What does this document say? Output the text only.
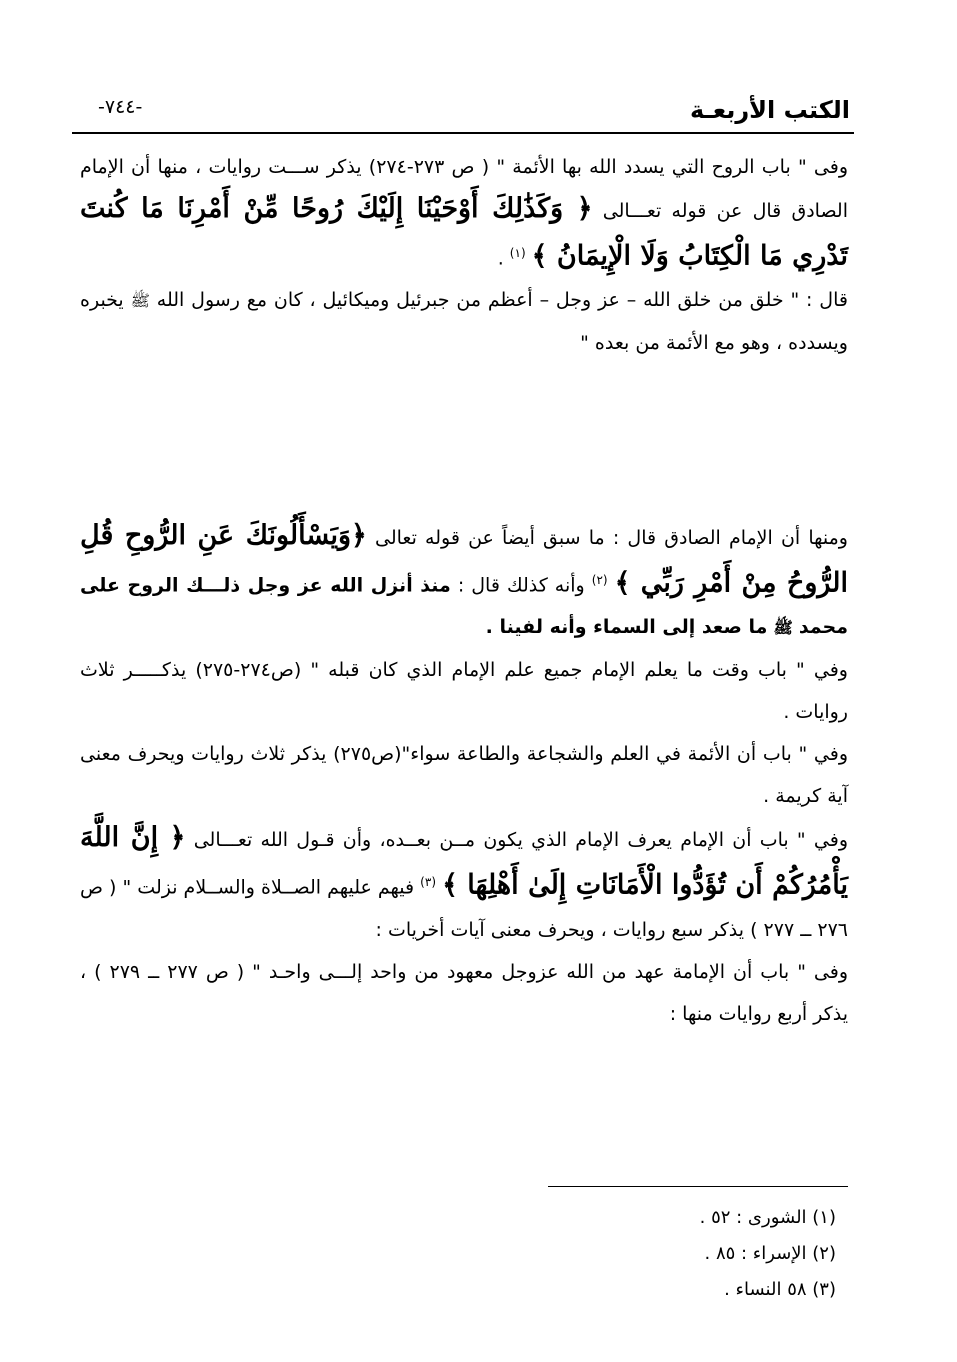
الكتب الأربعـة
-٧٤٤-

وفى " باب الروح التي يسدد الله بها الأئمة " ( ص ٢٧٣-٢٧٤) يذكر ســـت روايات ، منها أن الإمام الصادق قال عن قوله تعـــالى ﴿ وَكَذَٰلِكَ أَوْحَيْنَا إِلَيْكَ رُوحًا مِّنْ أَمْرِنَا مَا كُنتَ تَدْرِي مَا الْكِتَابُ وَلَا الْإِيمَانُ ﴾ $^{(١)}$ .

قال : " خلق من خلق الله – عز وجل – أعظم من جبرئيل وميكائيل ، كان مع رسول الله ﷺ يخبره ويسدده ، وهو مع الأئمة من بعده "

ومنها أن الإمام الصادق قال : ما سبق أيضاً عن قوله تعالى ﴿وَيَسْأَلُونَكَ عَنِ الرُّوحِ قُلِ الرُّوحُ مِنْ أَمْرِ رَبِّي ﴾ $^{(٢)}$ وأنه كذلك قال : منذ أنزل الله عز وجل ذلـــك الروح على محمد ﷺ ما صعد إلى السماء وأنه لفينا .

وفي " باب وقت ما يعلم الإمام جميع علم الإمام الذي كان قبله " (ص٢٧٤-٢٧٥) يذكـــــر ثلاث روايات .

وفي " باب أن الأئمة في العلم والشجاعة والطاعة سواء"(ص٢٧٥) يذكر ثلاث روايات ويحرف معنى آية كريمة .

وفي " باب أن الإمام يعرف الإمام الذي يكون مــن بعــده، وأن قـول الله تعـــالى ﴿ إِنَّ اللَّهَ يَأْمُرُكُمْ أَن تُؤَدُّوا الْأَمَانَاتِ إِلَىٰ أَهْلِهَا ﴾ $^{(٣)}$ فيهم عليهم الصــلاة والســلام نزلت " ( ص ٢٧٦ ــ ٢٧٧ ) يذكر سبع روايات ، ويحرف معنى آيات أخريات :

وفى " باب أن الإمامة عهد من الله عزوجل معهود من واحد إلـــى واحـد " ( ص ٢٧٧ ــ ٢٧٩ ) ، يذكر أربع روايات منها :

(١) الشورى : ٥٢ .

(٢) الإسراء : ٨٥ .

(٣) ٥٨ النساء .
